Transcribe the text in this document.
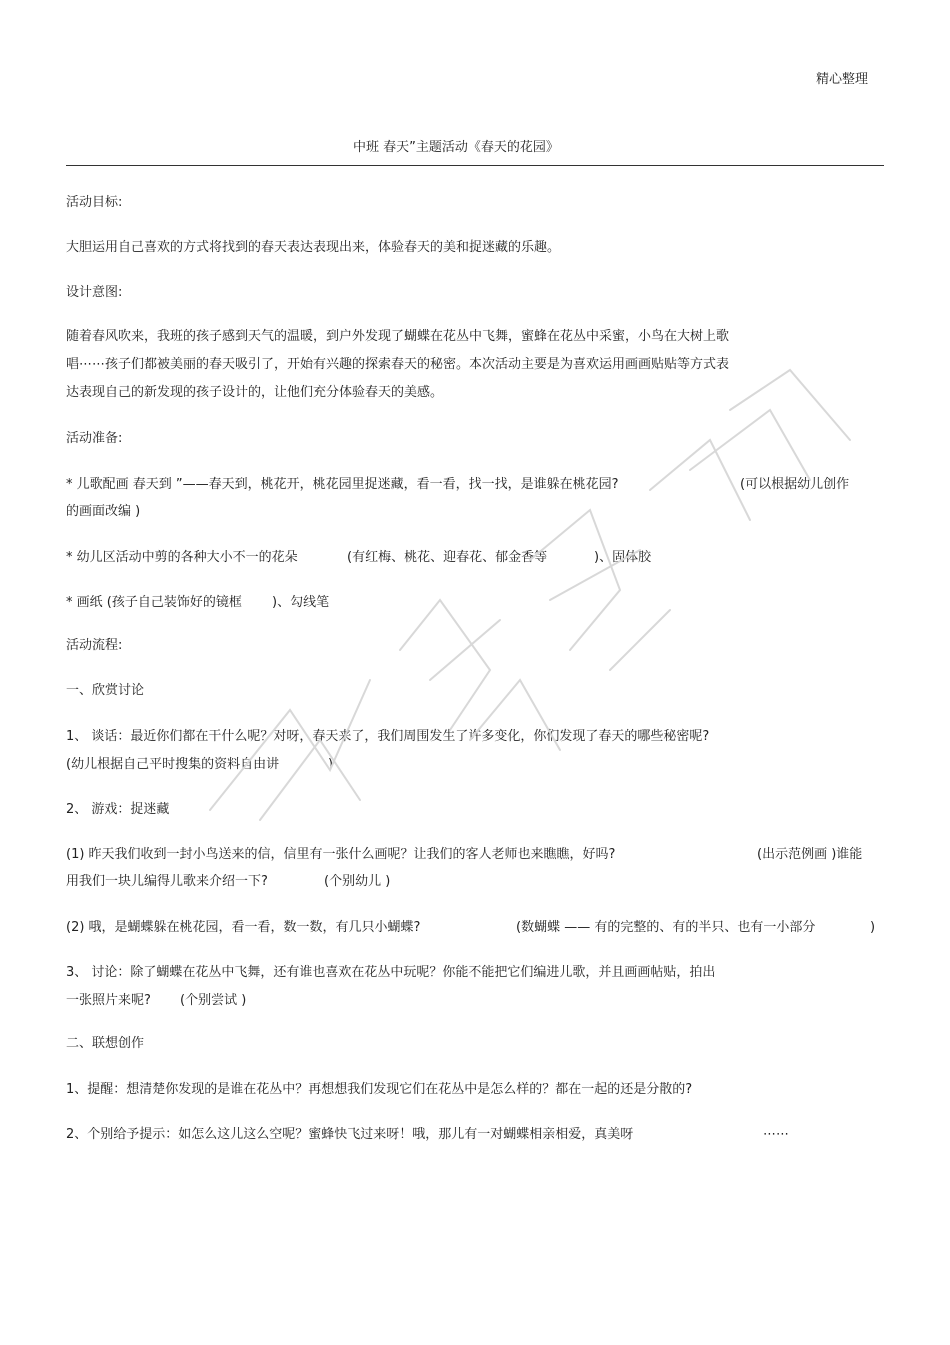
精心整理
中班 春天”主题活动《春天的花园》
活动目标:
大胆运用自己喜欢的方式将找到的春天表达表现出来，体验春天的美和捉迷藏的乐趣。
设计意图:
随着春风吹来，我班的孩子感到天气的温暖，到户外发现了蝴蝶在花丛中飞舞，蜜蜂在花丛中采蜜，小鸟在大树上歌
唱⋯⋯孩子们都被美丽的春天吸引了，开始有兴趣的探索春天的秘密。本次活动主要是为喜欢运用画画贴贴等方式表
达表现自己的新发现的孩子设计的，让他们充分体验春天的美感。
活动准备:
* 儿歌配画 春天到 ”——春天到，桃花开，桃花园里捉迷藏，看一看，找一找，是谁躲在桃花园?	(可以根据幼儿创作
的画面改编 )
* 幼儿区活动中剪的各种大小不一的花朵	(有红梅、桃花、迎春花、郁金香等	)、固体胶
* 画纸 (孩子自己装饰好的镜框 )、勾线笔
活动流程:
一、欣赏讨论
1、 谈话：最近你们都在干什么呢？对呀，春天来了，我们周围发生了许多变化，你们发现了春天的哪些秘密呢?
(幼儿根据自己平时搜集的资料自由讲	)
2、 游戏：捉迷藏
(1) 昨天我们收到一封小鸟送来的信，信里有一张什么画呢？让我们的客人老师也来瞧瞧，好吗?	(出示范例画 )谁能
用我们一块儿编得儿歌来介绍一下?	(个别幼儿 )
(2) 哦，是蝴蝶躲在桃花园，看一看，数一数，有几只小蝴蝶?	(数蝴蝶 —— 有的完整的、有的半只、也有一小部分	)
3、 讨论：除了蝴蝶在花丛中飞舞，还有谁也喜欢在花丛中玩呢？你能不能把它们编进儿歌，并且画画帖贴，拍出
一张照片来呢? (个别尝试 )
二、联想创作
1、提醒：想清楚你发现的是谁在花丛中？再想想我们发现它们在花丛中是怎么样的？都在一起的还是分散的?
2、个别给予提示：如怎么这儿这么空呢？蜜蜂快飞过来呀！哦，那儿有一对蝴蝶相亲相爱，真美呀	⋯⋯
